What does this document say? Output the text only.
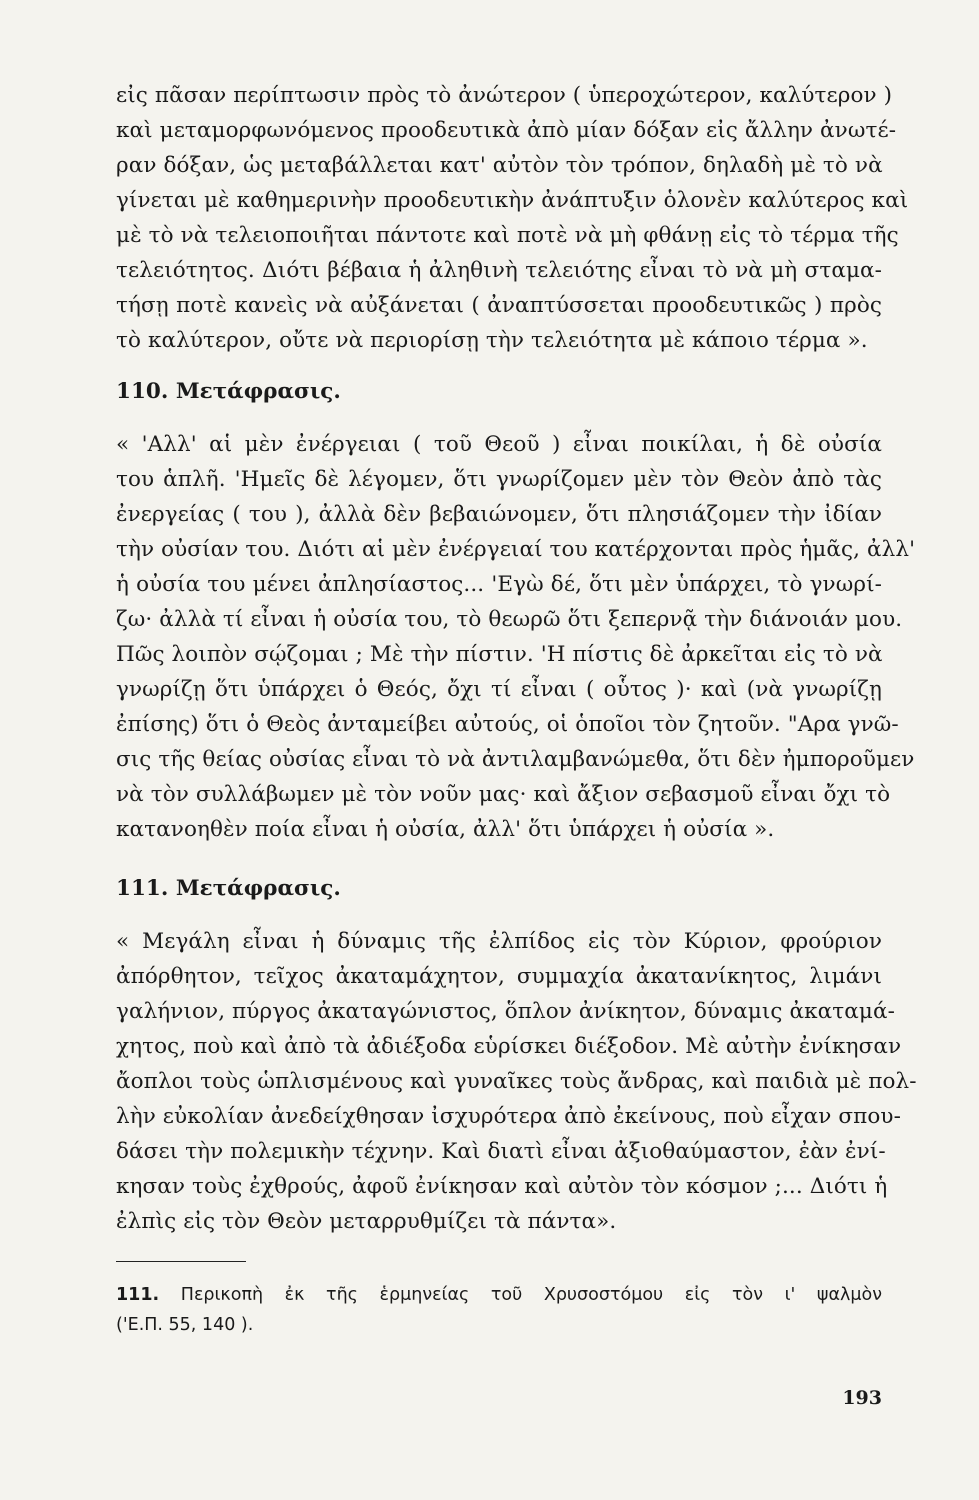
εἰς πᾶσαν περίπτωσιν πρὸς τὸ ἀνώτερον ( ὑπεροχώτερον, καλύτερον )
καὶ μεταμορφωνόμενος προοδευτικὰ ἀπὸ μίαν δόξαν εἰς ἄλλην ἀνωτέ-
ραν δόξαν, ὡς μεταβάλλεται κατ' αὐτὸν τὸν τρόπον, δηλαδὴ μὲ τὸ νὰ
γίνεται μὲ καθημερινὴν προοδευτικὴν ἀνάπτυξιν ὁλονὲν καλύτερος καὶ
μὲ τὸ νὰ τελειοποιῆται πάντοτε καὶ ποτὲ νὰ μὴ φθάνῃ εἰς τὸ τέρμα τῆς
τελειότητος. Διότι βέβαια ἡ ἀληθινὴ τελειότης εἶναι τὸ νὰ μὴ σταμα-
τήσῃ ποτὲ κανεὶς νὰ αὐξάνεται ( ἀναπτύσσεται προοδευτικῶς ) πρὸς
τὸ καλύτερον, οὔτε νὰ περιορίσῃ τὴν τελειότητα μὲ κάποιο τέρμα ».
110. Μετάφρασις.
« 'Αλλ' αἱ μὲν ἐνέργειαι ( τοῦ Θεοῦ ) εἶναι ποικίλαι, ἡ δὲ οὐσία
του ἁπλῆ. 'Ημεῖς δὲ λέγομεν, ὅτι γνωρίζομεν μὲν τὸν Θεὸν ἀπὸ τὰς
ἐνεργείας ( του ), ἀλλὰ δὲν βεβαιώνομεν, ὅτι πλησιάζομεν τὴν ἰδίαν
τὴν οὐσίαν του. Διότι αἱ μὲν ἐνέργειαί του κατέρχονται πρὸς ἡμᾶς, ἀλλ'
ἡ οὐσία του μένει ἀπλησίαστος... 'Εγὼ δέ, ὅτι μὲν ὑπάρχει, τὸ γνωρί-
ζω· ἀλλὰ τί εἶναι ἡ οὐσία του, τὸ θεωρῶ ὅτι ξεπερνᾷ τὴν διάνοιάν μου.
Πῶς λοιπὸν σῴζομαι ; Μὲ τὴν πίστιν. 'Η πίστις δὲ ἀρκεῖται εἰς τὸ νὰ
γνωρίζῃ ὅτι ὑπάρχει ὁ Θεός, ὄχι τί εἶναι ( οὗτος )· καὶ (νὰ γνωρίζῃ
ἐπίσης) ὅτι ὁ Θεὸς ἀνταμείβει αὐτούς, οἱ ὁποῖοι τὸν ζητοῦν. "Αρα γνῶ-
σις τῆς θείας οὐσίας εἶναι τὸ νὰ ἀντιλαμβανώμεθα, ὅτι δὲν ἠμποροῦμεν
νὰ τὸν συλλάβωμεν μὲ τὸν νοῦν μας· καὶ ἄξιον σεβασμοῦ εἶναι ὄχι τὸ
κατανοηθὲν ποία εἶναι ἡ οὐσία, ἀλλ' ὅτι ὑπάρχει ἡ οὐσία ».
111. Μετάφρασις.
« Μεγάλη εἶναι ἡ δύναμις τῆς ἐλπίδος εἰς τὸν Κύριον, φρούριον
ἀπόρθητον, τεῖχος ἀκαταμάχητον, συμμαχία ἀκατανίκητος, λιμάνι
γαλήνιον, πύργος ἀκαταγώνιστος, ὅπλον ἀνίκητον, δύναμις ἀκαταμά-
χητος, ποὺ καὶ ἀπὸ τὰ ἀδιέξοδα εὑρίσκει διέξοδον. Μὲ αὐτὴν ἐνίκησαν
ἄοπλοι τοὺς ὡπλισμένους καὶ γυναῖκες τοὺς ἄνδρας, καὶ παιδιὰ μὲ πολ-
λὴν εὐκολίαν ἀνεδείχθησαν ἰσχυρότερα ἀπὸ ἐκείνους, ποὺ εἶχαν σπου-
δάσει τὴν πολεμικὴν τέχνην. Καὶ διατὶ εἶναι ἀξιοθαύμαστον, ἐὰν ἐνί-
κησαν τοὺς ἐχθρούς, ἀφοῦ ἐνίκησαν καὶ αὐτὸν τὸν κόσμον ;... Διότι ἡ
ἐλπὶς εἰς τὸν Θεὸν μεταρρυθμίζει τὰ πάντα».
111. Περικοπὴ ἐκ τῆς ἑρμηνείας τοῦ Χρυσοστόμου εἰς τὸν ι' ψαλμὸν
('Ε.Π. 55, 140 ).
193
